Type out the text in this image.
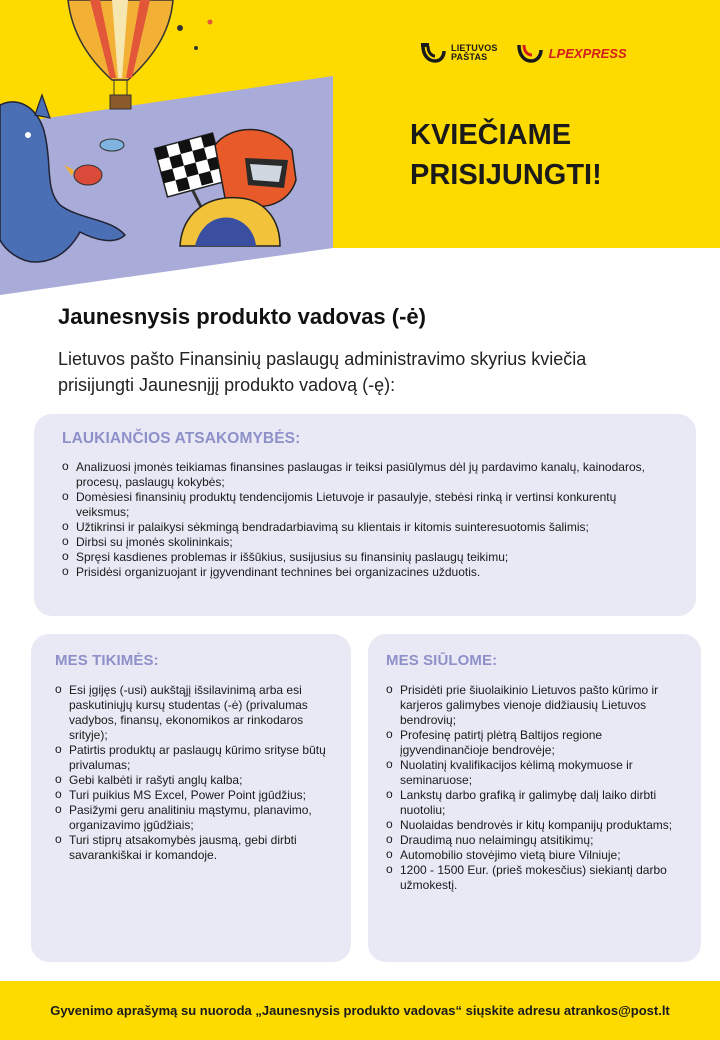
LIETUVOS
PAŠTAS	LPEXPRESS
KVIEČIAME
PRISIJUNGTI!
Jaunesnysis produkto vadovas (-ė)
Lietuvos pašto Finansinių paslaugų administravimo skyrius kviečia prisijungti Jaunesnįjį produkto vadovą (-ę):
LAUKIANČIOS ATSAKOMYBĖS:
o Analizuosi įmonės teikiamas finansines paslaugas ir teiksi pasiūlymus dėl jų pardavimo kanalų, kainodaros, procesų, paslaugų kokybės;
o Domėsiesi finansinių produktų tendencijomis Lietuvoje ir pasaulyje, stebėsi rinką ir vertinsi konkurentų veiksmus;
o Užtikrinsi ir palaikysi sėkmingą bendradarbiavimą su klientais ir kitomis suinteresuotomis šalimis;
o Dirbsi su įmonės skolininkais;
o Spręsi kasdienes problemas ir iššūkius, susijusius su finansinių paslaugų teikimu;
o Prisidėsi organizuojant ir įgyvendinant technines bei organizacines užduotis.
MES TIKIMĖS:
o Esi įgijęs (-usi) aukštąjį išsilavinimą arba esi paskutiniųjų kursų studentas (-ė) (privalumas vadybos, finansų, ekonomikos ar rinkodaros srityje);
o Patirtis produktų ar paslaugų kūrimo srityse būtų privalumas;
o Gebi kalbėti ir rašyti anglų kalba;
o Turi puikius MS Excel, Power Point įgūdžius;
o Pasižymi geru analitiniu mąstymu, planavimo, organizavimo įgūdžiais;
o Turi stiprų atsakomybės jausmą, gebi dirbti savarankiškai ir komandoje.
MES SIŪLOME:
o Prisidėti prie šiuolaikinio Lietuvos pašto kūrimo ir karjeros galimybes vienoje didžiausių Lietuvos bendrovių;
o Profesinę patirtį plėtrą Baltijos regione įgyvendinančioje bendrovėje;
o Nuolatinį kvalifikacijos kėlimą mokymuose ir seminaruose;
o Lankstų darbo grafiką ir galimybę dalį laiko dirbti nuotoliu;
o Nuolaidas bendrovės ir kitų kompanijų produktams;
o Draudimą nuo nelaimingų atsitikimų;
o Automobilio stovėjimo vietą biure Vilniuje;
o 1200 - 1500 Eur. (prieš mokesčius) siekiantį darbo užmokestį.
Gyvenimo aprašymą su nuoroda „Jaunesnysis produkto vadovas“ siųskite adresu atrankos@post.lt
